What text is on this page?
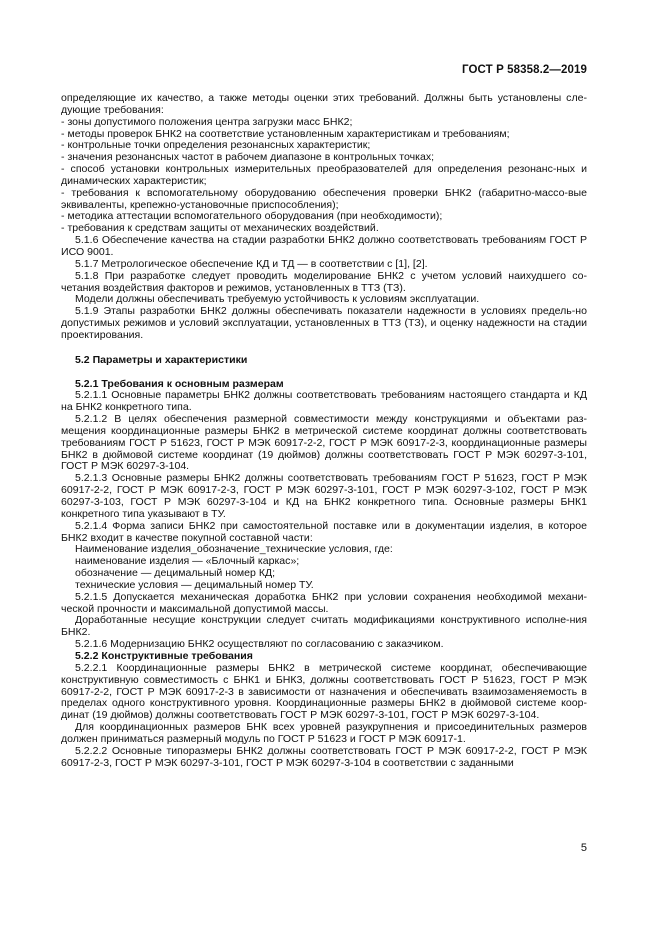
ГОСТ Р 58358.2—2019

определяющие их качество, а также методы оценки этих требований. Должны быть установлены сле-дующие требования:

- зоны допустимого положения центра загрузки масс БНК2;

- методы проверок БНК2 на соответствие установленным характеристикам и требованиям;

- контрольные точки определения резонансных характеристик;

- значения резонансных частот в рабочем диапазоне в контрольных точках;

- способ установки контрольных измерительных преобразователей для определения резонанс-ных и динамических характеристик;

- требования к вспомогательному оборудованию обеспечения проверки БНК2 (габаритно-массо-вые эквиваленты, крепежно-установочные приспособления);

- методика аттестации вспомогательного оборудования (при необходимости);

- требования к средствам защиты от механических воздействий.

5.1.6 Обеспечение качества на стадии разработки БНК2 должно соответствовать требованиям ГОСТ Р ИСО 9001.

5.1.7 Метрологическое обеспечение КД и ТД — в соответствии с [1], [2].

5.1.8 При разработке следует проводить моделирование БНК2 с учетом условий наихудшего со-четания воздействия факторов и режимов, установленных в ТТЗ (ТЗ).

Модели должны обеспечивать требуемую устойчивость к условиям эксплуатации.

5.1.9 Этапы разработки БНК2 должны обеспечивать показатели надежности в условиях предель-но допустимых режимов и условий эксплуатации, установленных в ТТЗ (ТЗ), и оценку надежности на стадии проектирования.

5.2 Параметры и характеристики

5.2.1 Требования к основным размерам

5.2.1.1 Основные параметры БНК2 должны соответствовать требованиям настоящего стандарта и КД на БНК2 конкретного типа.

5.2.1.2 В целях обеспечения размерной совместимости между конструкциями и объектами раз-мещения координационные размеры БНК2 в метрической системе координат должны соответствовать требованиям ГОСТ Р 51623, ГОСТ Р МЭК 60917-2-2, ГОСТ Р МЭК 60917-2-3, координационные размеры БНК2 в дюймовой системе координат (19 дюймов) должны соответствовать ГОСТ Р МЭК 60297-3-101, ГОСТ Р МЭК 60297-3-104.

5.2.1.3 Основные размеры БНК2 должны соответствовать требованиям ГОСТ Р 51623, ГОСТ Р МЭК 60917-2-2, ГОСТ Р МЭК 60917-2-3, ГОСТ Р МЭК 60297-3-101, ГОСТ Р МЭК 60297-3-102, ГОСТ Р МЭК 60297-3-103, ГОСТ Р МЭК 60297-3-104 и КД на БНК2 конкретного типа. Основные размеры БНК1 конкретного типа указывают в ТУ.

5.2.1.4 Форма записи БНК2 при самостоятельной поставке или в документации изделия, в которое БНК2 входит в качестве покупной составной части:

Наименование изделия_обозначение_технические условия, где:

наименование изделия — «Блочный каркас»;

обозначение — децимальный номер КД;

технические условия — децимальный номер ТУ.

5.2.1.5 Допускается механическая доработка БНК2 при условии сохранения необходимой механи-ческой прочности и максимальной допустимой массы.

Доработанные несущие конструкции следует считать модификациями конструктивного исполне-ния БНК2.

5.2.1.6 Модернизацию БНК2 осуществляют по согласованию с заказчиком.

5.2.2 Конструктивные требования

5.2.2.1 Координационные размеры БНК2 в метрической системе координат, обеспечивающие конструктивную совместимость с БНК1 и БНК3, должны соответствовать ГОСТ Р 51623, ГОСТ Р МЭК 60917-2-2, ГОСТ Р МЭК 60917-2-3 в зависимости от назначения и обеспечивать взаимозаменяемость в пределах одного конструктивного уровня. Координационные размеры БНК2 в дюймовой системе коор-динат (19 дюймов) должны соответствовать ГОСТ Р МЭК 60297-3-101, ГОСТ Р МЭК 60297-3-104.

Для координационных размеров БНК всех уровней разукрупнения и присоединительных размеров должен приниматься размерный модуль по ГОСТ Р 51623 и ГОСТ Р МЭК 60917-1.

5.2.2.2 Основные типоразмеры БНК2 должны соответствовать ГОСТ Р МЭК 60917-2-2, ГОСТ Р МЭК 60917-2-3, ГОСТ Р МЭК 60297-3-101, ГОСТ Р МЭК 60297-3-104 в соответствии с заданными

5
